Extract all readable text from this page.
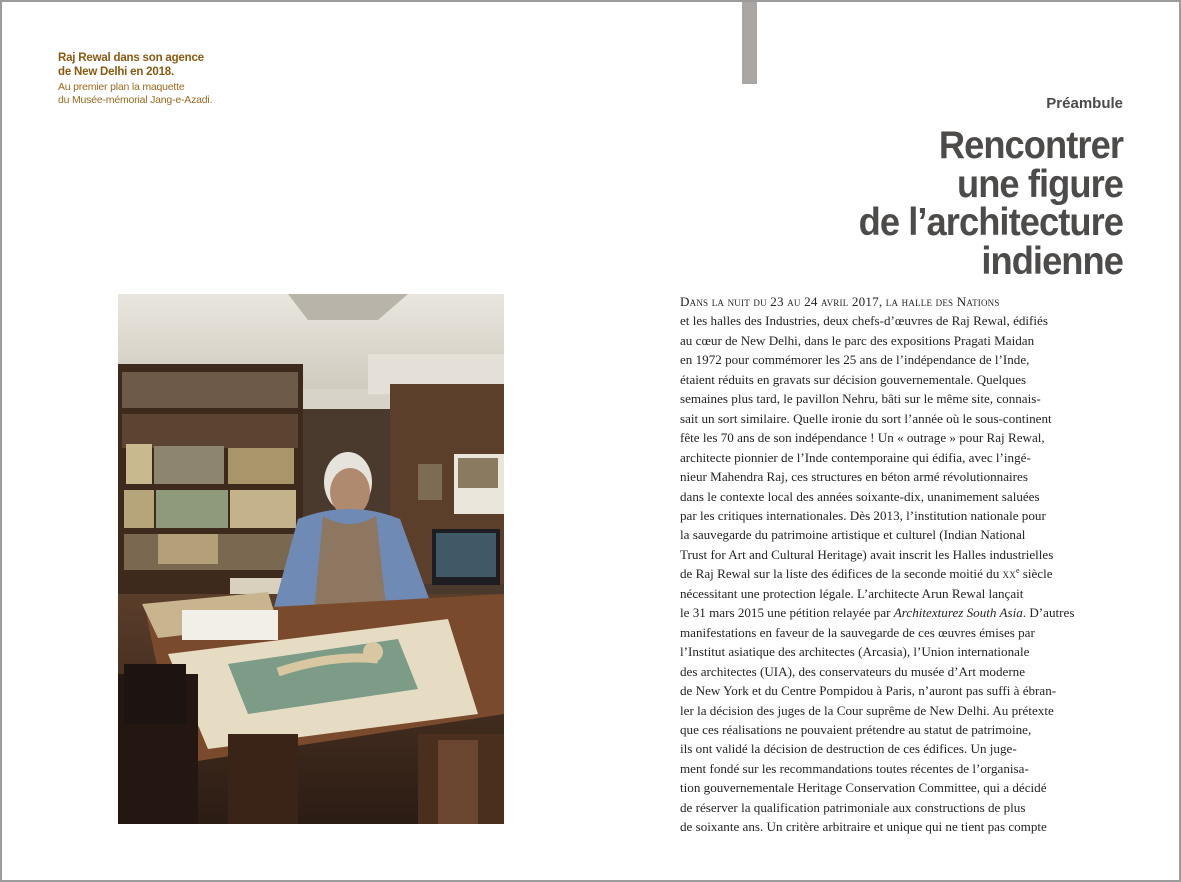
Raj Rewal dans son agence
de New Delhi en 2018.
Au premier plan la maquette
du Musée-mémorial Jang-e-Azadi.	Préambule
Rencontrer
une figure
de l’architecture
indienne
Dans la nuit du 23 au 24 avril 2017, la halle des Nations
et les halles des Industries, deux chefs-d’œuvres de Raj Rewal, édifiés
au cœur de New Delhi, dans le parc des expositions Pragati Maidan
en 1972 pour commémorer les 25 ans de l’indépendance de l’Inde,
étaient réduits en gravats sur décision gouvernementale. Quelques
semaines plus tard, le pavillon Nehru, bâti sur le même site, connais-
sait un sort similaire. Quelle ironie du sort l’année où le sous-continent
fête les 70 ans de son indépendance ! Un « outrage » pour Raj Rewal,
architecte pionnier de l’Inde contemporaine qui édifia, avec l’ingé-
nieur Mahendra Raj, ces structures en béton armé révolutionnaires
dans le contexte local des années soixante-dix, unanimement saluées
par les critiques internationales. Dès 2013, l’institution nationale pour
la sauvegarde du patrimoine artistique et culturel (Indian National
Trust for Art and Cultural Heritage) avait inscrit les Halles industrielles
de Raj Rewal sur la liste des édifices de la seconde moitié du $xx^e$ siècle
nécessitant une protection légale. L’architecte Arun Rewal lançait
le 31 mars 2015 une pétition relayée par Architexturez South Asia. D’autres
manifestations en faveur de la sauvegarde de ces œuvres émises par
l’Institut asiatique des architectes (Arcasia), l’Union internationale
des architectes (UIA), des conservateurs du musée d’Art moderne
de New York et du Centre Pompidou à Paris, n’auront pas suffi à ébran-
ler la décision des juges de la Cour suprême de New Delhi. Au prétexte
que ces réalisations ne pouvaient prétendre au statut de patrimoine,
ils ont validé la décision de destruction de ces édifices. Un juge-
ment fondé sur les recommandations toutes récentes de l’organisa-
tion gouvernementale Heritage Conservation Committee, qui a décidé
de réserver la qualification patrimoniale aux constructions de plus
de soixante ans. Un critère arbitraire et unique qui ne tient pas compte
